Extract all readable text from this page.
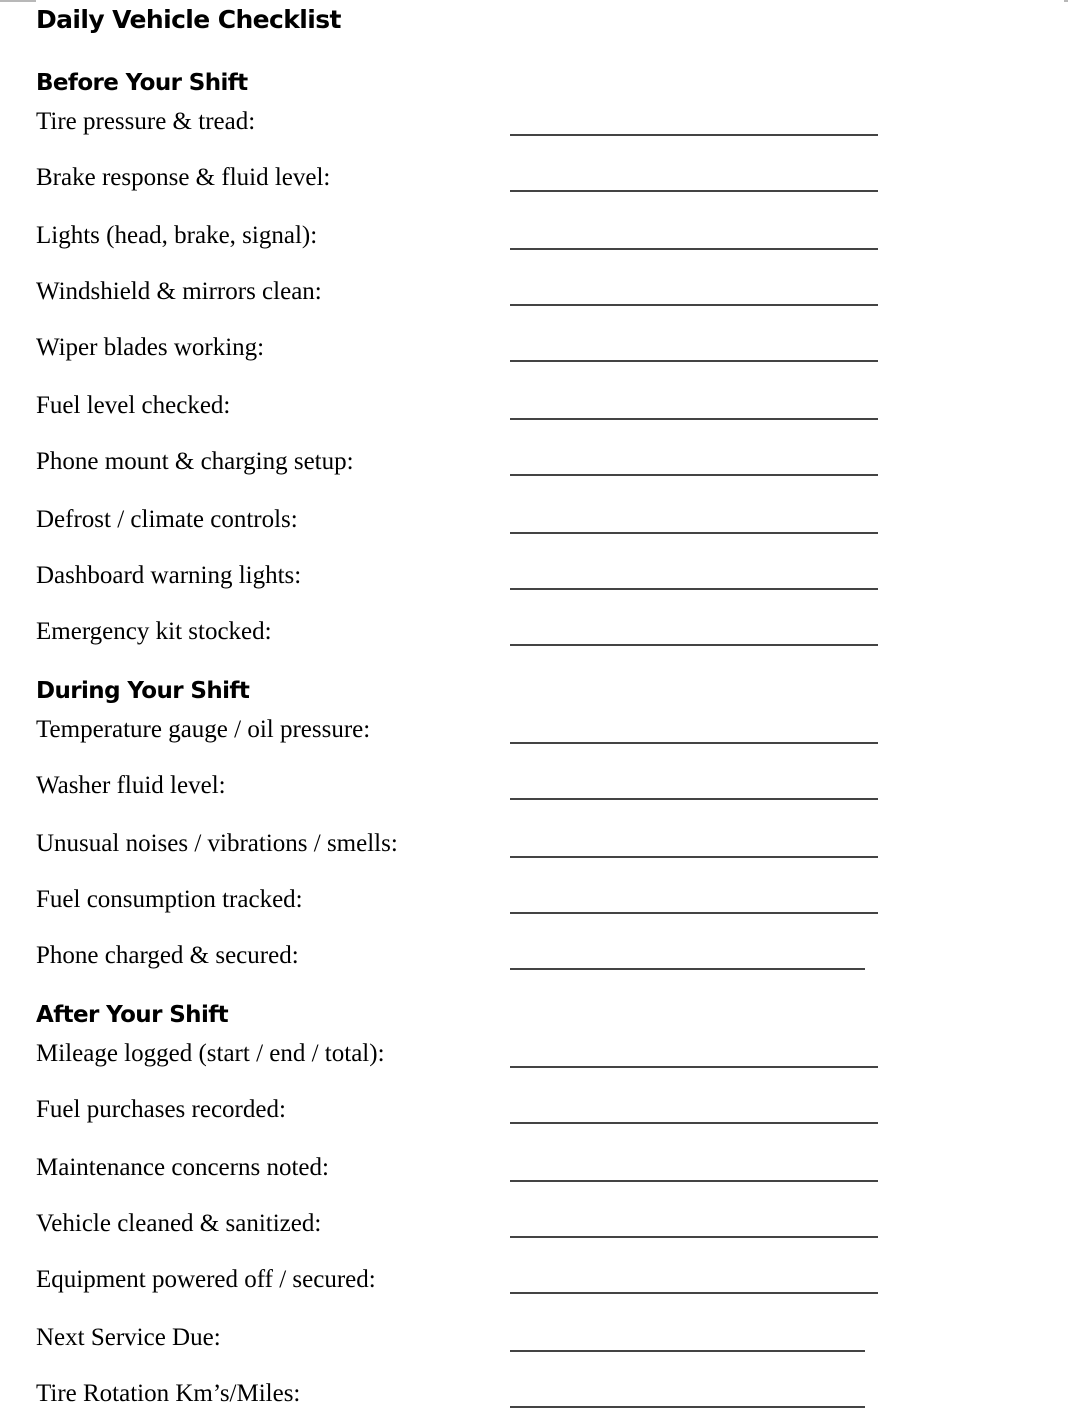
Daily Vehicle Checklist
Before Your Shift
Tire pressure & tread:
Brake response & fluid level:
Lights (head, brake, signal):
Windshield & mirrors clean:
Wiper blades working:
Fuel level checked:
Phone mount & charging setup:
Defrost / climate controls:
Dashboard warning lights:
Emergency kit stocked:
During Your Shift
Temperature gauge / oil pressure:
Washer fluid level:
Unusual noises / vibrations / smells:
Fuel consumption tracked:
Phone charged & secured:
After Your Shift
Mileage logged (start / end / total):
Fuel purchases recorded:
Maintenance concerns noted:
Vehicle cleaned & sanitized:
Equipment powered off / secured:
Next Service Due:
Tire Rotation Km’s/Miles:
